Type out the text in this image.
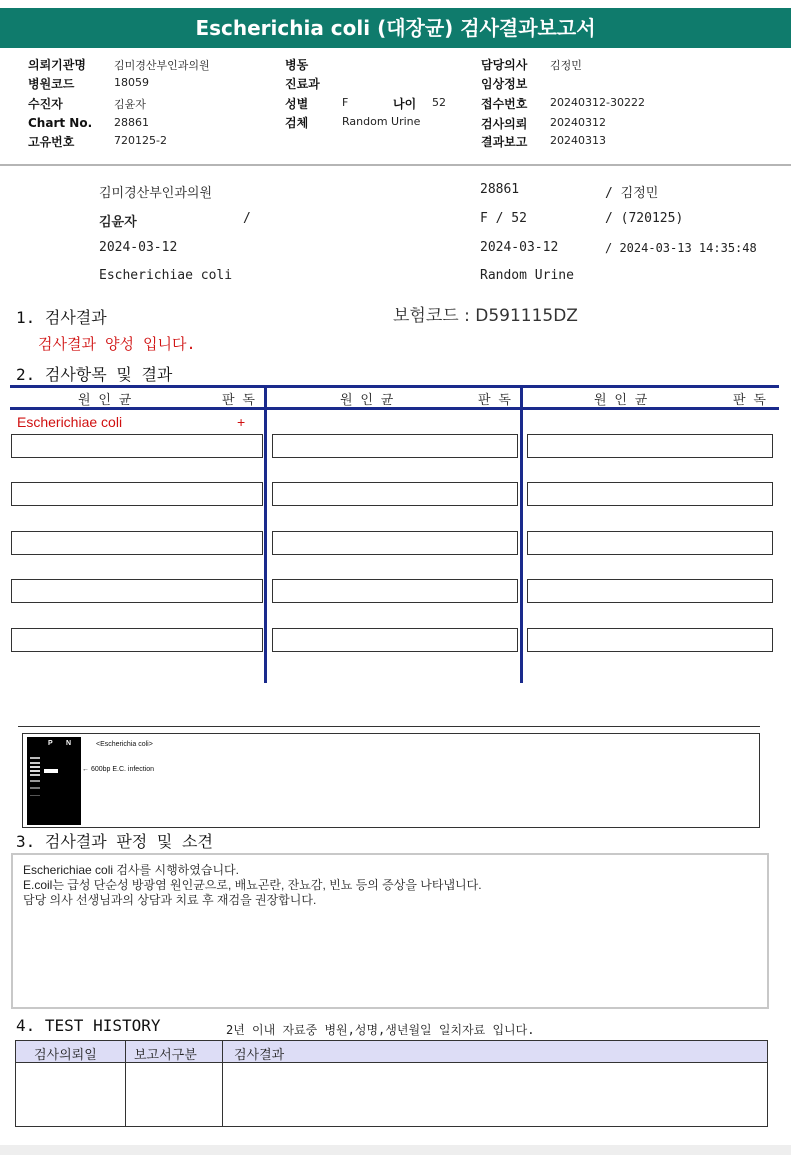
Escherichia coli (대장균) 검사결과보고서
의뢰기관명	김미경산부인과의원
병원코드	18059
수진자	김윤자
Chart No. 28861
고유번호	720125-2
병동
진료과
성별	F	나이 52
검체	Random Urine
담당의사 김정민
임상정보
접수번호 20240312-30222
검사의뢰 20240312
결과보고 20240313
김미경산부인과의원	28861	/ 김정민
김윤자	/	F / 52	/ (720125)
2024-03-12	2024-03-12	/ 2024-03-13 14:35:48
Escherichiae coli	Random Urine
1. 검사결과	보험코드 : D591115DZ
검사결과 양성 입니다.
2. 검사항목 및 결과
원 인 균	판 독	원 인 균	판 독	원 인 균	판 독
Escherichiae coli	+
P N	<Escherichia coli>
← 600bp E.C. infection
3. 검사결과 판정 및 소견
Escherichiae coli 검사를 시행하였습니다.
E.coil는 급성 단순성 방광염 원인균으로, 배뇨곤란, 잔뇨감, 빈뇨 등의 증상을 나타냅니다.
담당 의사 선생님과의 상담과 치료 후 재검을 권장합니다.
4. TEST HISTORY	2년 이내 자료중 병원,성명,생년월일 일치자료 입니다.
검사의뢰일	보고서구분	검사결과
